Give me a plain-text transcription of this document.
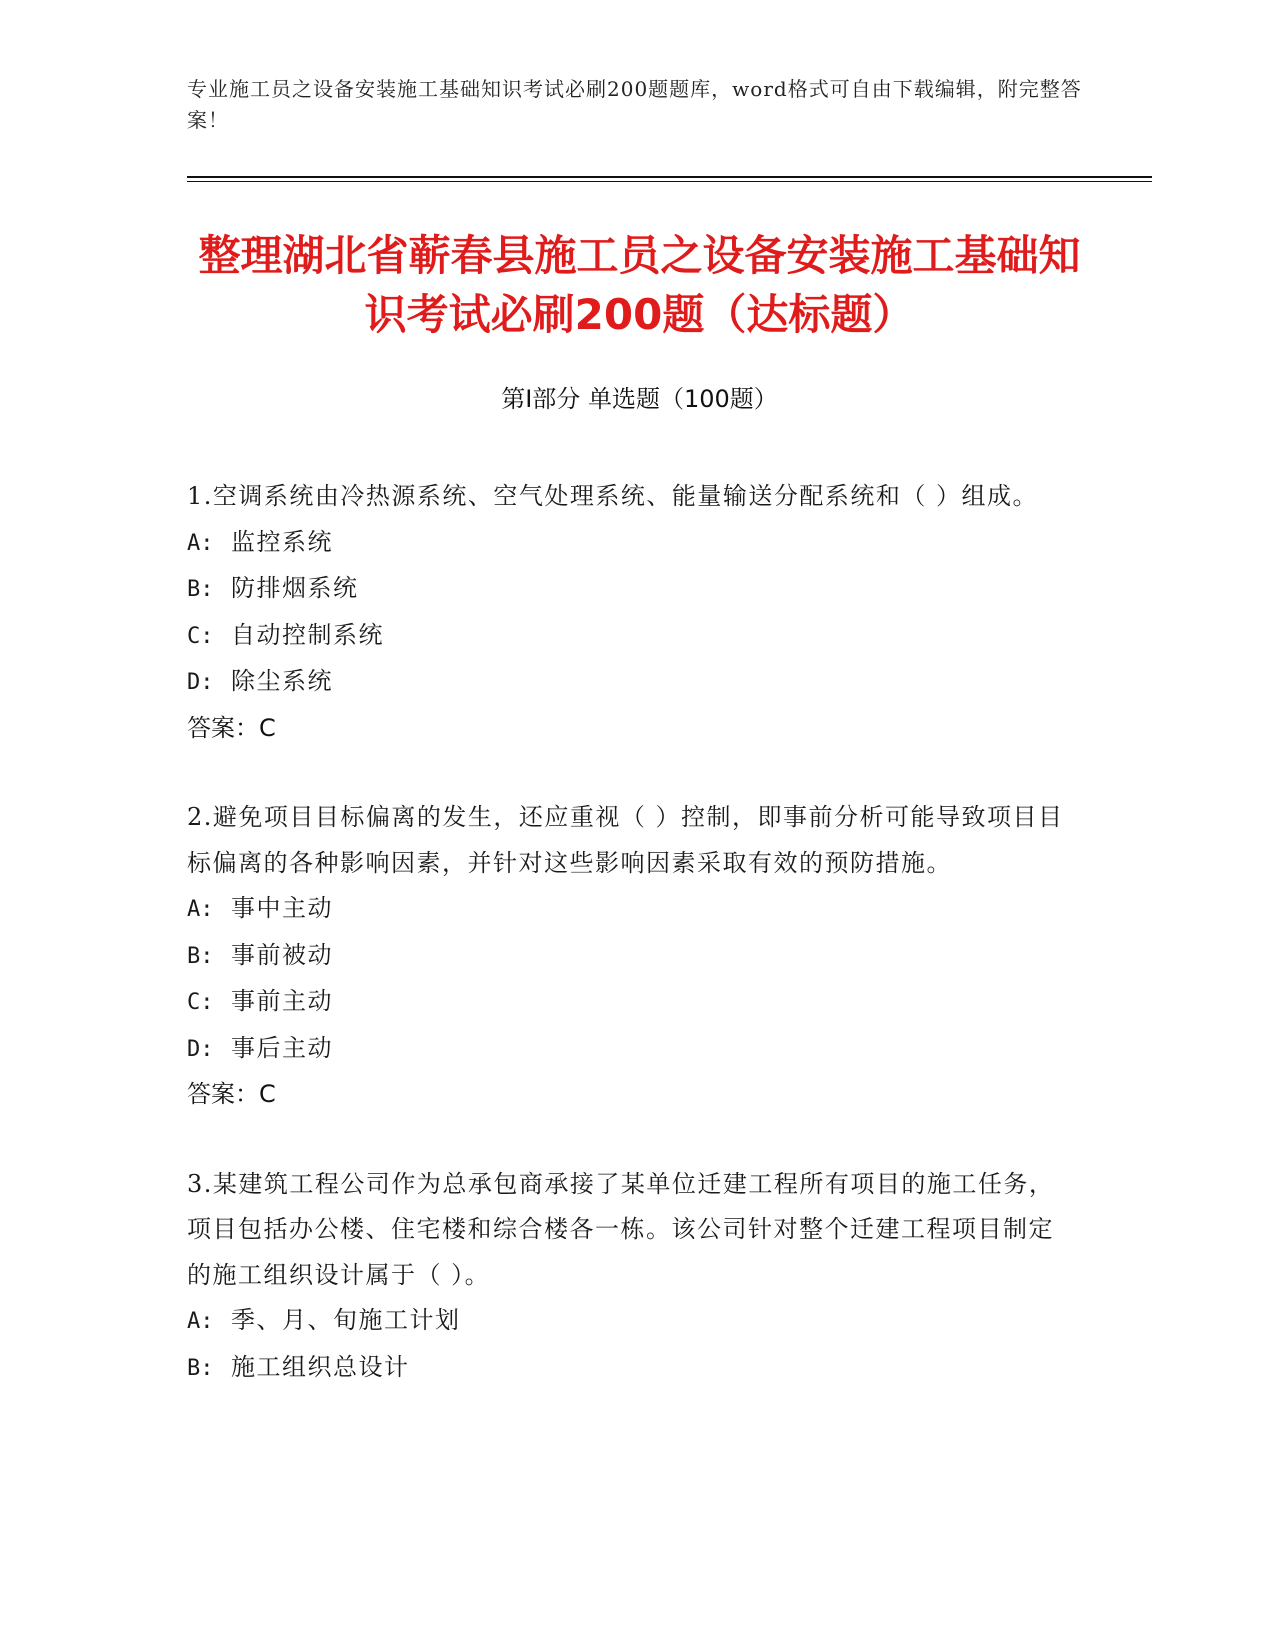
专业施工员之设备安装施工基础知识考试必刷200题题库，word格式可自由下载编辑，附完整答案！
整理湖北省蕲春县施工员之设备安装施工基础知识考试必刷200题（达标题）
第Ⅰ部分 单选题（100题）

1.空调系统由冷热源系统、空气处理系统、能量输送分配系统和（ ）组成。

A: 监控系统

B: 防排烟系统

C: 自动控制系统

D: 除尘系统

答案：C

2.避免项目目标偏离的发生，还应重视（ ）控制，即事前分析可能导致项目目标偏离的各种影响因素，并针对这些影响因素采取有效的预防措施。

A: 事中主动

B: 事前被动

C: 事前主动

D: 事后主动

答案：C

3.某建筑工程公司作为总承包商承接了某单位迁建工程所有项目的施工任务，项目包括办公楼、住宅楼和综合楼各一栋。该公司针对整个迁建工程项目制定的施工组织设计属于（ ）。

A: 季、月、旬施工计划

B: 施工组织总设计
